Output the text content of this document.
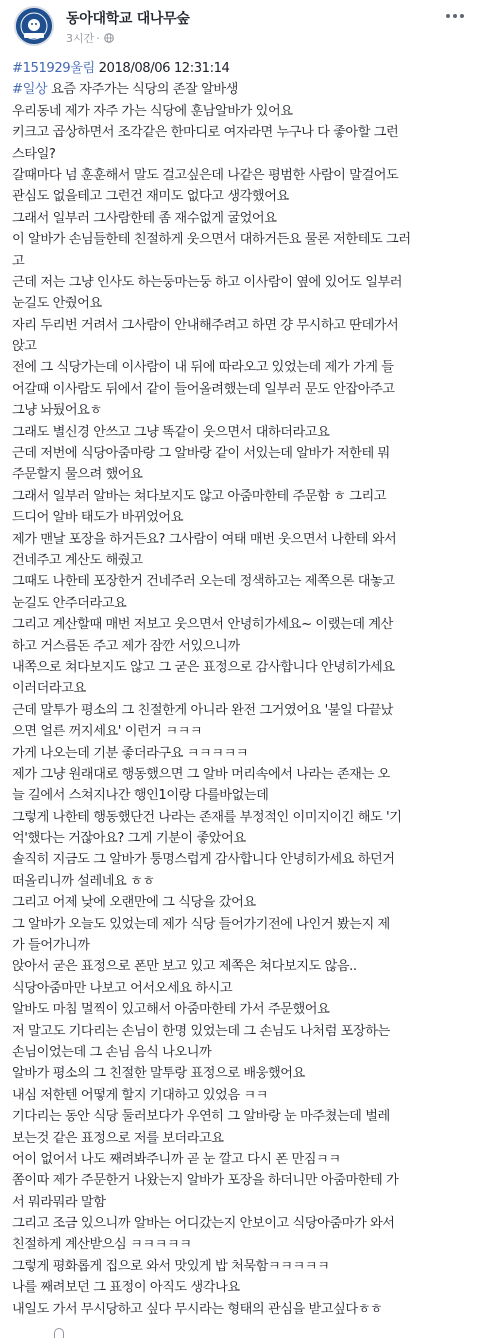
동아대학교 대나무숲
3시간 ·
#151929울림 2018/08/06 12:31:14
#일상 요즘 자주가는 식당의 존잘 알바생
우리동네 제가 자주 가는 식당에 훈남알바가 있어요
키크고 곱상하면서 조각같은 한마디로 여자라면 누구나 다 좋아할 그런
스타일?
갈때마다 넘 훈훈해서 말도 걸고싶은데 나같은 평범한 사람이 말걸어도
관심도 없을테고 그런건 재미도 없다고 생각했어요
그래서 일부러 그사람한테 좀 재수없게 굴었어요
이 알바가 손님들한테 친절하게 웃으면서 대하거든요 물론 저한테도 그러
고
근데 저는 그냥 인사도 하는둥마는둥 하고 이사람이 옆에 있어도 일부러
눈길도 안줬어요
자리 두리번 거려서 그사람이 안내해주려고 하면 걍 무시하고 딴데가서
앉고
전에 그 식당가는데 이사람이 내 뒤에 따라오고 있었는데 제가 가게 들
어갈때 이사람도 뒤에서 같이 들어올려했는데 일부러 문도 안잡아주고
그냥 놔뒀어요ㅎ
그래도 별신경 안쓰고 그냥 똑같이 웃으면서 대하더라고요
근데 저번에 식당아줌마랑 그 알바랑 같이 서있는데 알바가 저한테 뭐
주문할지 물으려 했어요
그래서 일부러 알바는 쳐다보지도 않고 아줌마한테 주문함 ㅎ 그리고
드디어 알바 태도가 바뀌었어요
제가 맨날 포장을 하거든요? 그사람이 여태 매번 웃으면서 나한테 와서
건네주고 계산도 해줬고
그때도 나한테 포장한거 건네주러 오는데 정색하고는 제쪽으론 대놓고
눈길도 안주더라고요
그리고 계산할때 매번 저보고 웃으면서 안녕히가세요~ 이랬는데 계산
하고 거스름돈 주고 제가 잠깐 서있으니까
내쪽으로 쳐다보지도 않고 그 굳은 표정으로 감사합니다 안녕히가세요
이러더라고요
근데 말투가 평소의 그 친절한게 아니라 완전 그거였어요 '불일 다끝났
으면 얼른 꺼지세요' 이런거 ㅋㅋㅋ
가게 나오는데 기분 좋더라구요 ㅋㅋㅋㅋㅋ
제가 그냥 원래대로 행동했으면 그 알바 머리속에서 나라는 존재는 오
늘 길에서 스쳐지나간 행인1이랑 다를바없는데
그렇게 나한테 행동했단건 나라는 존재를 부정적인 이미지이긴 해도 '기
억'했다는 거잖아요? 그게 기분이 좋았어요
솔직히 지금도 그 알바가 퉁명스럽게 감사합니다 안녕히가세요 하던거
떠올리니까 설레네요 ㅎㅎ
그리고 어제 낮에 오랜만에 그 식당을 갔어요
그 알바가 오늘도 있었는데 제가 식당 들어가기전에 나인거 봤는지 제
가 들어가니까
앉아서 굳은 표정으로 폰만 보고 있고 제쪽은 쳐다보지도 않음..
식당아줌마만 나보고 어서오세요 하시고
알바도 마침 멀찍이 있고해서 아줌마한테 가서 주문했어요
저 말고도 기다리는 손님이 한명 있었는데 그 손님도 나처럼 포장하는
손님이었는데 그 손님 음식 나오니까
알바가 평소의 그 친절한 말투랑 표정으로 배웅했어요
내심 저한텐 어떻게 할지 기대하고 있었음 ㅋㅋ
기다리는 동안 식당 둘러보다가 우연히 그 알바랑 눈 마주쳤는데 벌레
보는것 같은 표정으로 저를 보더라고요
어이 없어서 나도 째려봐주니까 곧 눈 깔고 다시 폰 만짐ㅋㅋ
쫌이따 제가 주문한거 나왔는지 알바가 포장을 하더니만 아줌마한테 가
서 뭐라뭐라 말함
그리고 조금 있으니까 알바는 어디갔는지 안보이고 식당아줌마가 와서
친절하게 계산받으심 ㅋㅋㅋㅋㅋ
그렇게 평화롭게 집으로 와서 맛있게 밥 처묵함ㅋㅋㅋㅋㅋ
나를 째려보던 그 표정이 아직도 생각나요
내일도 가서 무시당하고 싶다 무시라는 형태의 관심을 받고싶다ㅎㅎ
